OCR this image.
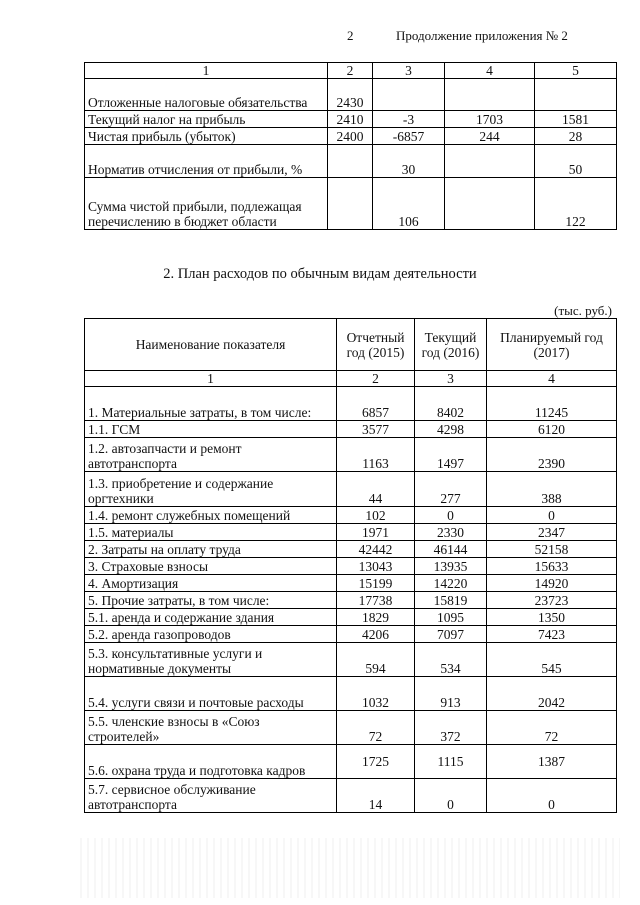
2	Продолжение приложения № 2
1	2	3	4	5
Отложенные налоговые обязательства	2430			
Текущий налог на прибыль	2410	-3	1703	1581
Чистая прибыль (убыток)	2400	-6857	244	28
Норматив отчисления от прибыли, %		30		50
Сумма чистой прибыли, подлежащая перечислению в бюджет области		106		122
2. План расходов по обычным видам деятельности
(тыс. руб.)
Наименование показателя	Отчетный год (2015)	Текущий год (2016)	Планируемый год (2017)
1	2	3	4
1. Материальные затраты, в том числе:	6857	8402	11245
1.1. ГСМ	3577	4298	6120
1.2. автозапчасти и ремонт автотранспорта	1163	1497	2390
1.3. приобретение и содержание оргтехники	44	277	388
1.4. ремонт служебных помещений	102	0	0
1.5. материалы	1971	2330	2347
2. Затраты на оплату труда	42442	46144	52158
3. Страховые взносы	13043	13935	15633
4. Амортизация	15199	14220	14920
5. Прочие затраты, в том числе:	17738	15819	23723
5.1. аренда и содержание здания	1829	1095	1350
5.2. аренда газопроводов	4206	7097	7423
5.3. консультативные услуги и нормативные документы	594	534	545
5.4. услуги связи и почтовые расходы	1032	913	2042
5.5. членские взносы в «Союз строителей»	72	372	72
5.6. охрана труда и подготовка кадров	1725	1115	1387
5.7. сервисное обслуживание автотранспорта	14	0	0
